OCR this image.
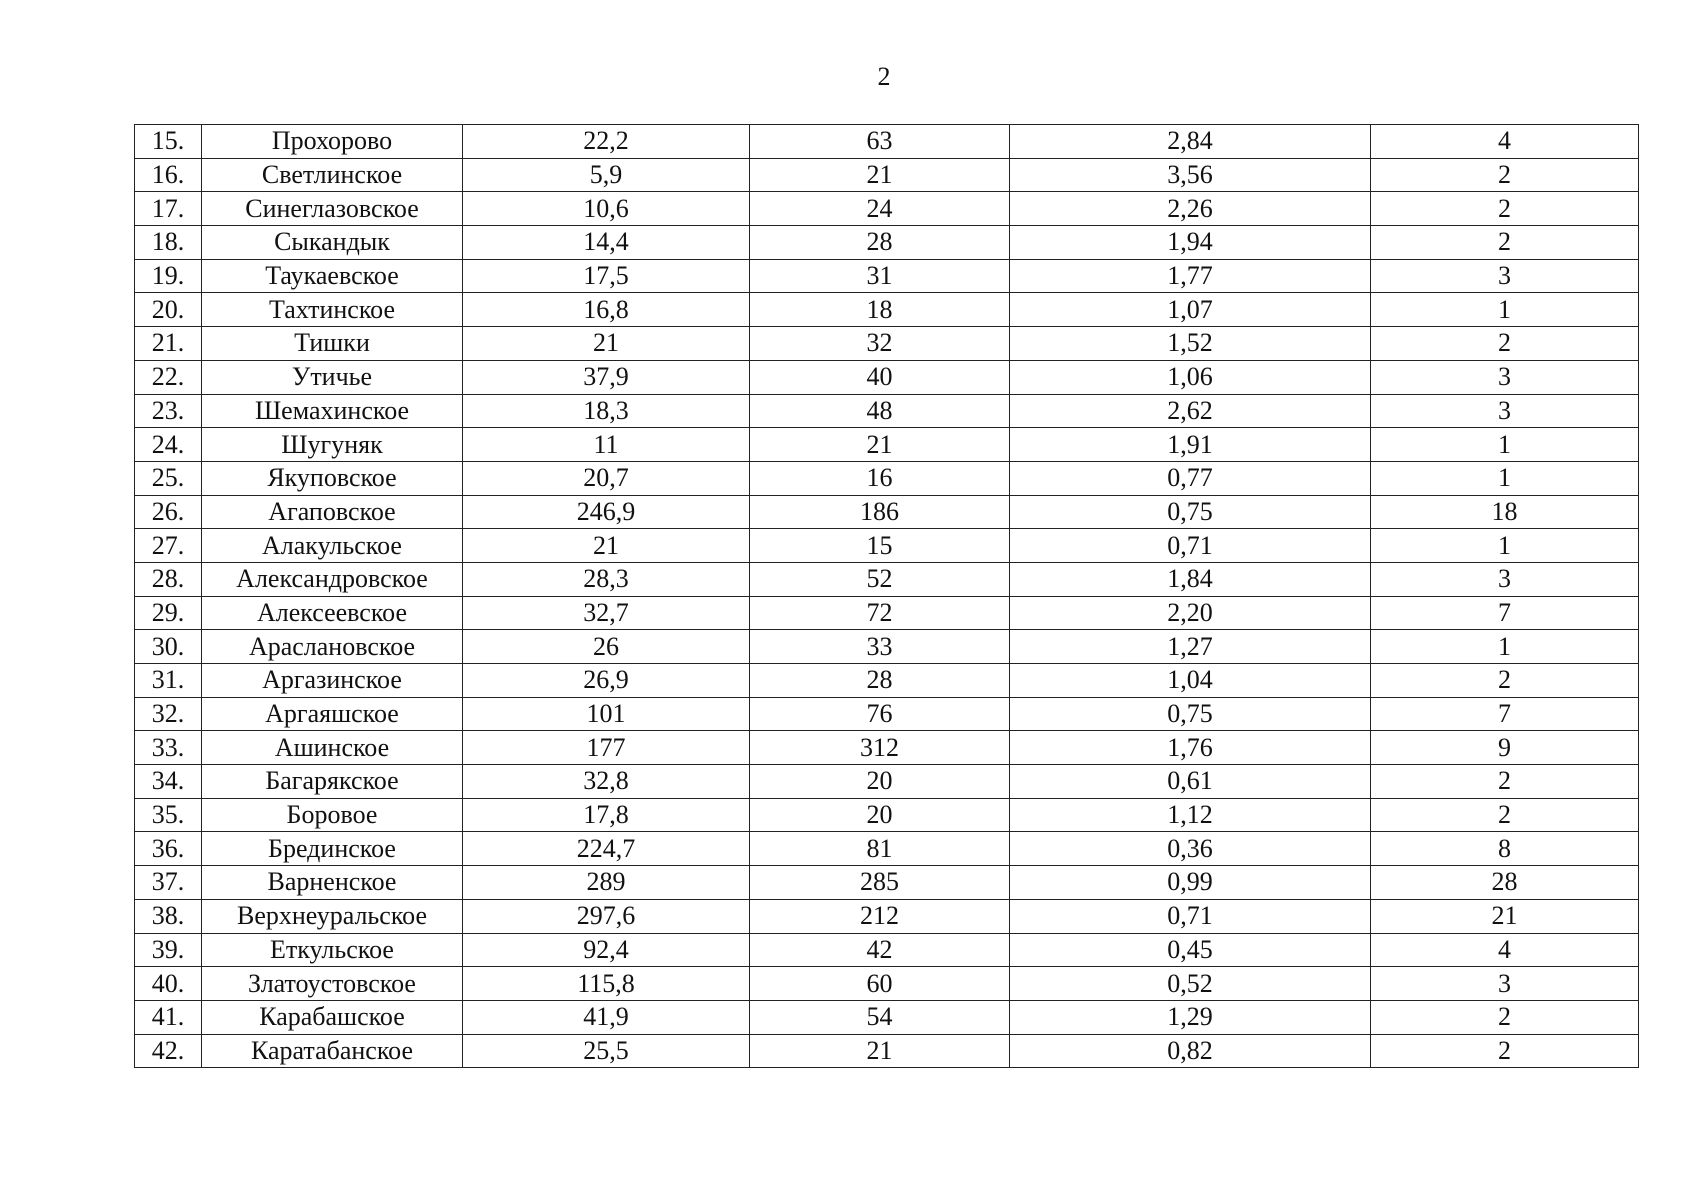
2
15.	Прохорово	22,2	63	2,84	4
16.	Светлинское	5,9	21	3,56	2
17.	Синеглазовское	10,6	24	2,26	2
18.	Сыкандык	14,4	28	1,94	2
19.	Таукаевское	17,5	31	1,77	3
20.	Тахтинское	16,8	18	1,07	1
21.	Тишки	21	32	1,52	2
22.	Утичье	37,9	40	1,06	3
23.	Шемахинское	18,3	48	2,62	3
24.	Шугуняк	11	21	1,91	1
25.	Якуповское	20,7	16	0,77	1
26.	Агаповское	246,9	186	0,75	18
27.	Алакульское	21	15	0,71	1
28.	Александровское	28,3	52	1,84	3
29.	Алексеевское	32,7	72	2,20	7
30.	Арaслановское	26	33	1,27	1
31.	Аргазинское	26,9	28	1,04	2
32.	Аргаяшское	101	76	0,75	7
33.	Ашинское	177	312	1,76	9
34.	Багарякское	32,8	20	0,61	2
35.	Боровое	17,8	20	1,12	2
36.	Брединское	224,7	81	0,36	8
37.	Варненское	289	285	0,99	28
38.	Верхнеуральское	297,6	212	0,71	21
39.	Еткульское	92,4	42	0,45	4
40.	Златоустовское	115,8	60	0,52	3
41.	Карабашское	41,9	54	1,29	2
42.	Каратабанское	25,5	21	0,82	2
